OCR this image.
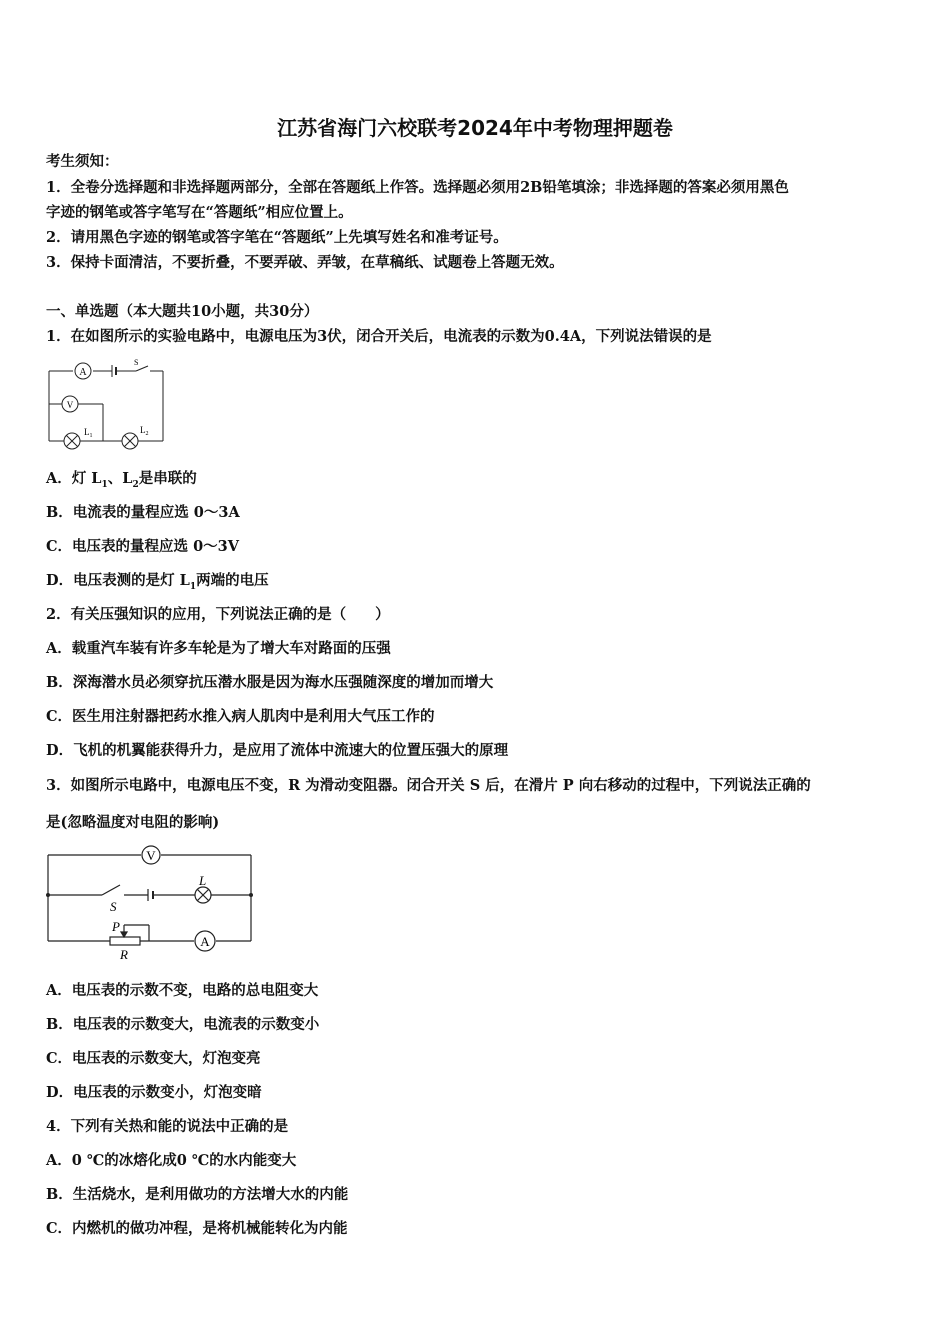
江苏省海门六校联考2024年中考物理押题卷
考生须知：
1．全卷分选择题和非选择题两部分，全部在答题纸上作答。选择题必须用2B铅笔填涂；非选择题的答案必须用黑色
字迹的钢笔或答字笔写在“答题纸”相应位置上。
2．请用黑色字迹的钢笔或答字笔在“答题纸”上先填写姓名和准考证号。
3．保持卡面清洁，不要折叠，不要弄破、弄皱，在草稿纸、试题卷上答题无效。
一、单选题（本大题共10小题，共30分）
1．在如图所示的实验电路中，电源电压为3伏，闭合开关后，电流表的示数为0.4A，下列说法错误的是
A
V
S
$L_1$
$L_2$
A．灯 $L_1$、$L_2$是串联的
B．电流表的量程应选 0～3A
C．电压表的量程应选 0～3V
D．电压表测的是灯 $L_1$两端的电压
2．有关压强知识的应用，下列说法正确的是（　　）
A．载重汽车装有许多车轮是为了增大车对路面的压强
B．深海潜水员必须穿抗压潜水服是因为海水压强随深度的增加而增大
C．医生用注射器把药水推入病人肌肉中是利用大气压工作的
D．飞机的机翼能获得升力，是应用了流体中流速大的位置压强大的原理
3．如图所示电路中，电源电压不变，R 为滑动变阻器。闭合开关 S 后，在滑片 P 向右移动的过程中，下列说法正确的
是(忽略温度对电阻的影响)
V
L
S
A
P
R
A．电压表的示数不变，电路的总电阻变大
B．电压表的示数变大，电流表的示数变小
C．电压表的示数变大，灯泡变亮
D．电压表的示数变小，灯泡变暗
4．下列有关热和能的说法中正确的是
A．0 ℃的冰熔化成0 ℃的水内能变大
B．生活烧水，是利用做功的方法增大水的内能
C．内燃机的做功冲程，是将机械能转化为内能
